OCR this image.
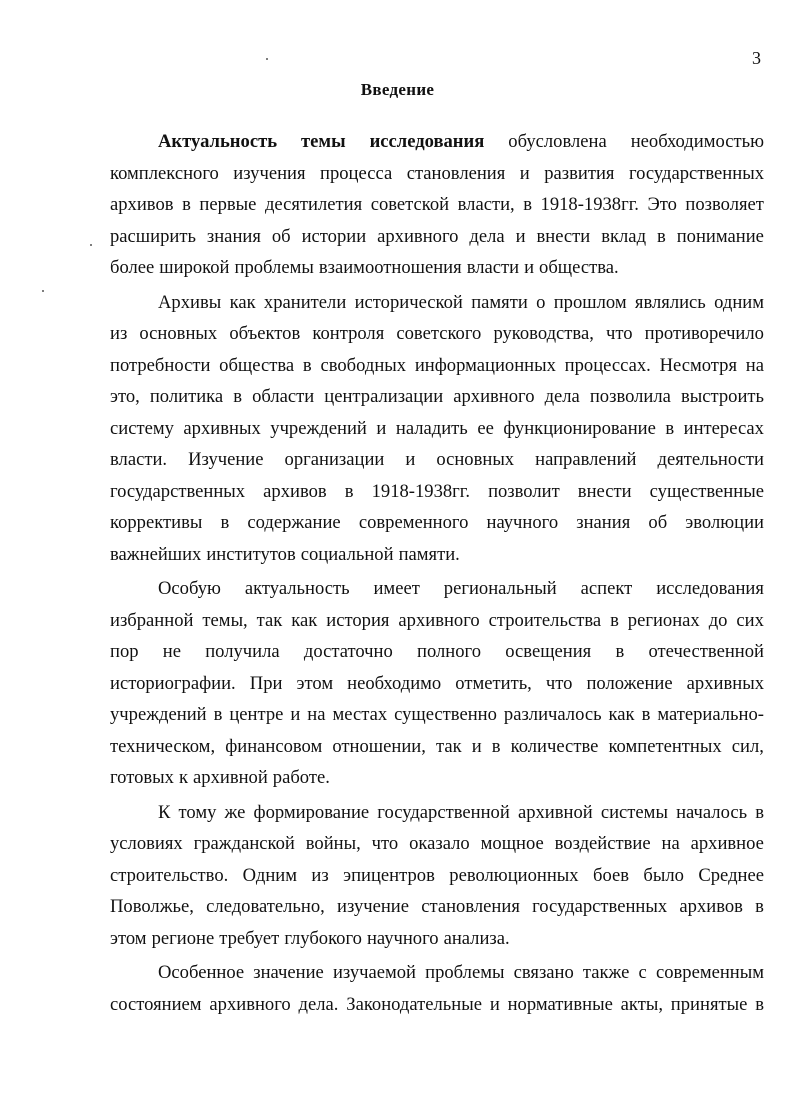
3
Введение
Актуальность темы исследования обусловлена необходимостью
комплексного изучения процесса становления и развития государственных
архивов в первые десятилетия советской власти, в 1918-1938гг. Это позволяет
расширить знания об истории архивного дела и внести вклад в понимание
более широкой проблемы взаимоотношения власти и общества.
Архивы как хранители исторической памяти о прошлом являлись одним
из основных объектов контроля советского руководства, что противоречило
потребности общества в свободных информационных процессах. Несмотря на
это, политика в области централизации архивного дела позволила выстроить
систему архивных учреждений и наладить ее функционирование в интересах
власти. Изучение организации и основных направлений деятельности
государственных архивов в 1918-1938гг. позволит внести существенные
коррективы в содержание современного научного знания об эволюции
важнейших институтов социальной памяти.
Особую актуальность имеет региональный аспект исследования
избранной темы, так как история архивного строительства в регионах до сих
пор не получила достаточно полного освещения в отечественной
историографии. При этом необходимо отметить, что положение архивных
учреждений в центре и на местах существенно различалось как в материально-
техническом, финансовом отношении, так и в количестве компетентных сил,
готовых к архивной работе.
К тому же формирование государственной архивной системы началось в
условиях гражданской войны, что оказало мощное воздействие на архивное
строительство. Одним из эпицентров революционных боев было Среднее
Поволжье, следовательно, изучение становления государственных архивов в
этом регионе требует глубокого научного анализа.
Особенное значение изучаемой проблемы связано также с современным
состоянием архивного дела. Законодательные и нормативные акты, принятые в
